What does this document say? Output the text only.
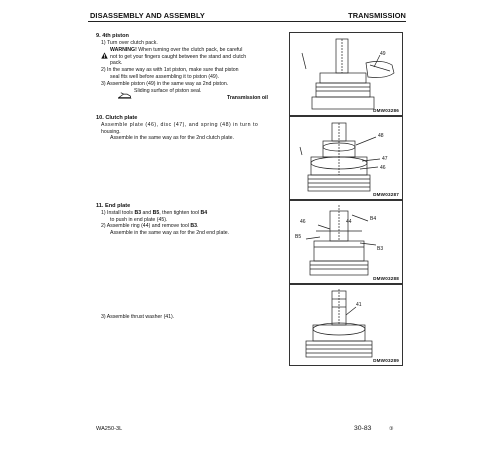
DISASSEMBLY AND ASSEMBLY	TRANSMISSION
9. 4th piston
1) Turn over clutch pack.
WARNING! When turning over the clutch pack, be careful
not to get your fingers caught between the stand and clutch
pack.
2) In the same way as with 1st piston, make sure that piston
seal fits well before assembling it to piston (49).
3) Assemble piston (49) in the same way as 2nd piston.
Sliding surface of piston seal.
Transmission oil
10. Clutch plate
Assemble plate (46), disc (47), and spring (48) in turn to
housing.
Assemble in the same way as for the 2nd clutch plate.
11. End plate
1) Install tools B3 and B5, then tighten tool B4
to push in end plate (45).
2) Assemble ring (44) and remove tool B3.
Assemble in the same way as for the 2nd end plate.
3) Assemble thrust washer (41).
49
DMW03286
48
47
46
DMW03287
46	44	B4
B5
B3
DMW03288
41
DMW03289
WA250-3L	30-83	③
